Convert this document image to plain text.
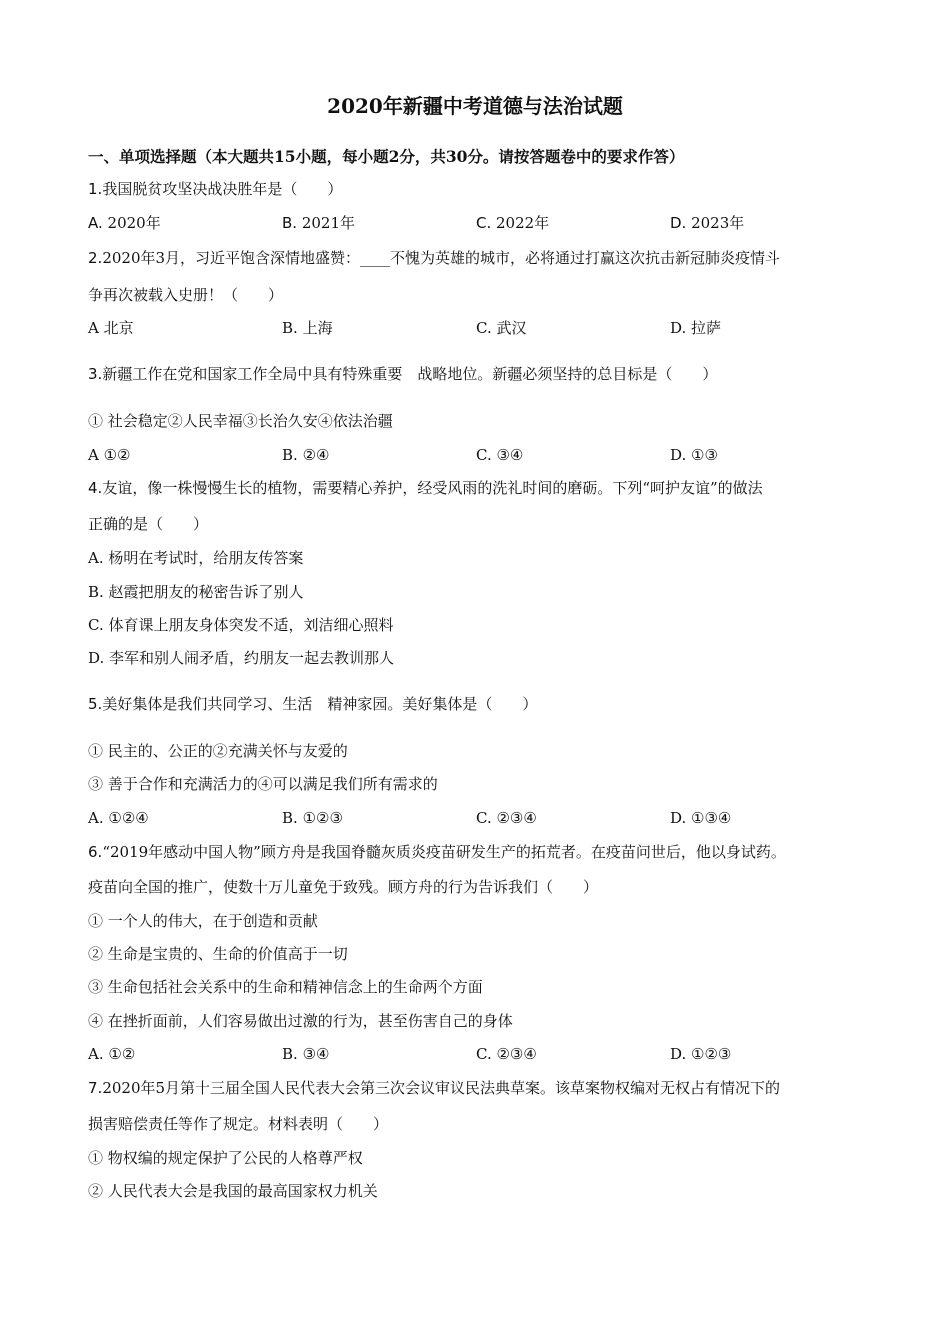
2020年新疆中考道德与法治试题
一、单项选择题（本大题共15小题，每小题2分，共30分。请按答题卷中的要求作答）
1.我国脱贫攻坚决战决胜年是（　　）
A. 2020年	B. 2021年	C. 2022年	D. 2023年
2.2020年3月，习近平饱含深情地盛赞：____不愧为英雄的城市，必将通过打赢这次抗击新冠肺炎疫情斗
争再次被载入史册！（　　）
A 北京	B. 上海	C. 武汉	D. 拉萨
3.新疆工作在党和国家工作全局中具有特殊重要　战略地位。新疆必须坚持的总目标是（　　）
① 社会稳定②人民幸福③长治久安④依法治疆
A ①②	B. ②④	C. ③④	D. ①③
4.友谊，像一株慢慢生长的植物，需要精心养护，经受风雨的洗礼时间的磨砺。下列“呵护友谊”的做法
正确的是（　　）
A. 杨明在考试时，给朋友传答案
B. 赵霞把朋友的秘密告诉了别人
C. 体育课上朋友身体突发不适，刘洁细心照料
D. 李军和别人闹矛盾，约朋友一起去教训那人
5.美好集体是我们共同学习、生活　精神家园。美好集体是（　　）
① 民主的、公正的②充满关怀与友爱的
③ 善于合作和充满活力的④可以满足我们所有需求的
A. ①②④	B. ①②③	C. ②③④	D. ①③④
6.“2019年感动中国人物”顾方舟是我国脊髓灰质炎疫苗研发生产的拓荒者。在疫苗问世后，他以身试药。
疫苗向全国的推广，使数十万儿童免于致残。顾方舟的行为告诉我们（　　）
① 一个人的伟大，在于创造和贡献
② 生命是宝贵的、生命的价值高于一切
③ 生命包括社会关系中的生命和精神信念上的生命两个方面
④ 在挫折面前，人们容易做出过激的行为，甚至伤害自己的身体
A. ①②	B. ③④	C. ②③④	D. ①②③
7.2020年5月第十三届全国人民代表大会第三次会议审议民法典草案。该草案物权编对无权占有情况下的
损害赔偿责任等作了规定。材料表明（　　）
① 物权编的规定保护了公民的人格尊严权
② 人民代表大会是我国的最高国家权力机关
